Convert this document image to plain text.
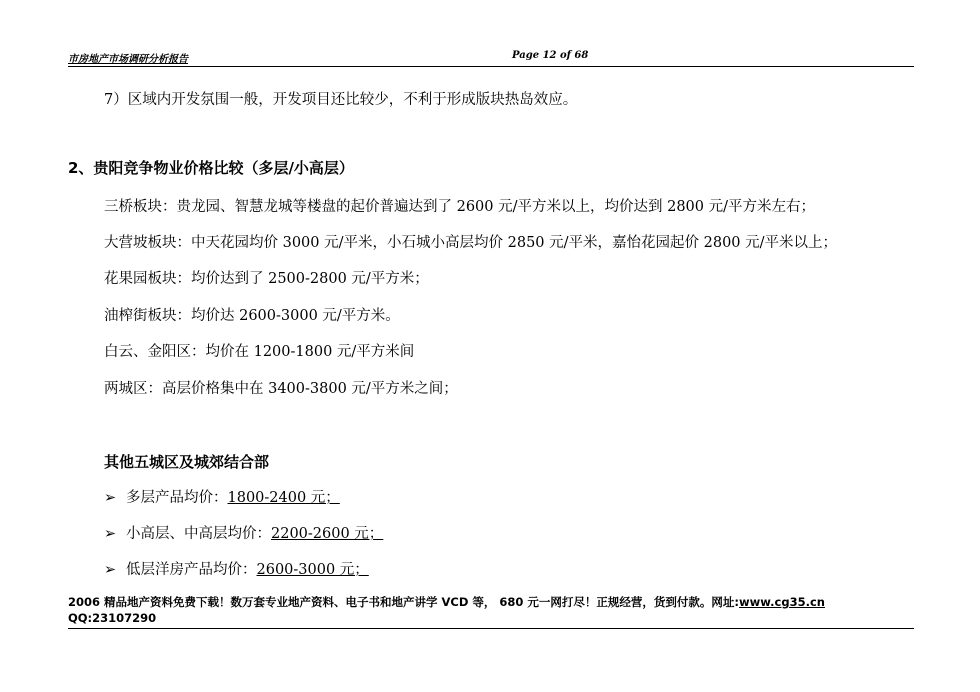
市房地产市场调研分析报告	Page 12 of 68
7）区域内开发氛围一般，开发项目还比较少，不利于形成版块热岛效应。
2、贵阳竞争物业价格比较（多层/小高层）
三桥板块：贵龙园、智慧龙城等楼盘的起价普遍达到了 2600 元/平方米以上，均价达到 2800 元/平方米左右；
大营坡板块：中天花园均价 3000 元/平米，小石城小高层均价 2850 元/平米，嘉怡花园起价 2800 元/平米以上；
花果园板块：均价达到了 2500-2800 元/平方米；
油榨街板块：均价达 2600-3000 元/平方米。
白云、金阳区：均价在 1200-1800 元/平方米间
两城区：高层价格集中在 3400-3800 元/平方米之间；
其他五城区及城郊结合部
➢ 多层产品均价：1800-2400 元；
➢ 小高层、中高层均价：2200-2600 元；
➢ 低层洋房产品均价：2600-3000 元；
2006 精品地产资料免费下载！数万套专业地产资料、电子书和地产讲学 VCD 等， 680 元一网打尽！正规经营，货到付款。网址:www.cg35.cn
QQ:23107290
